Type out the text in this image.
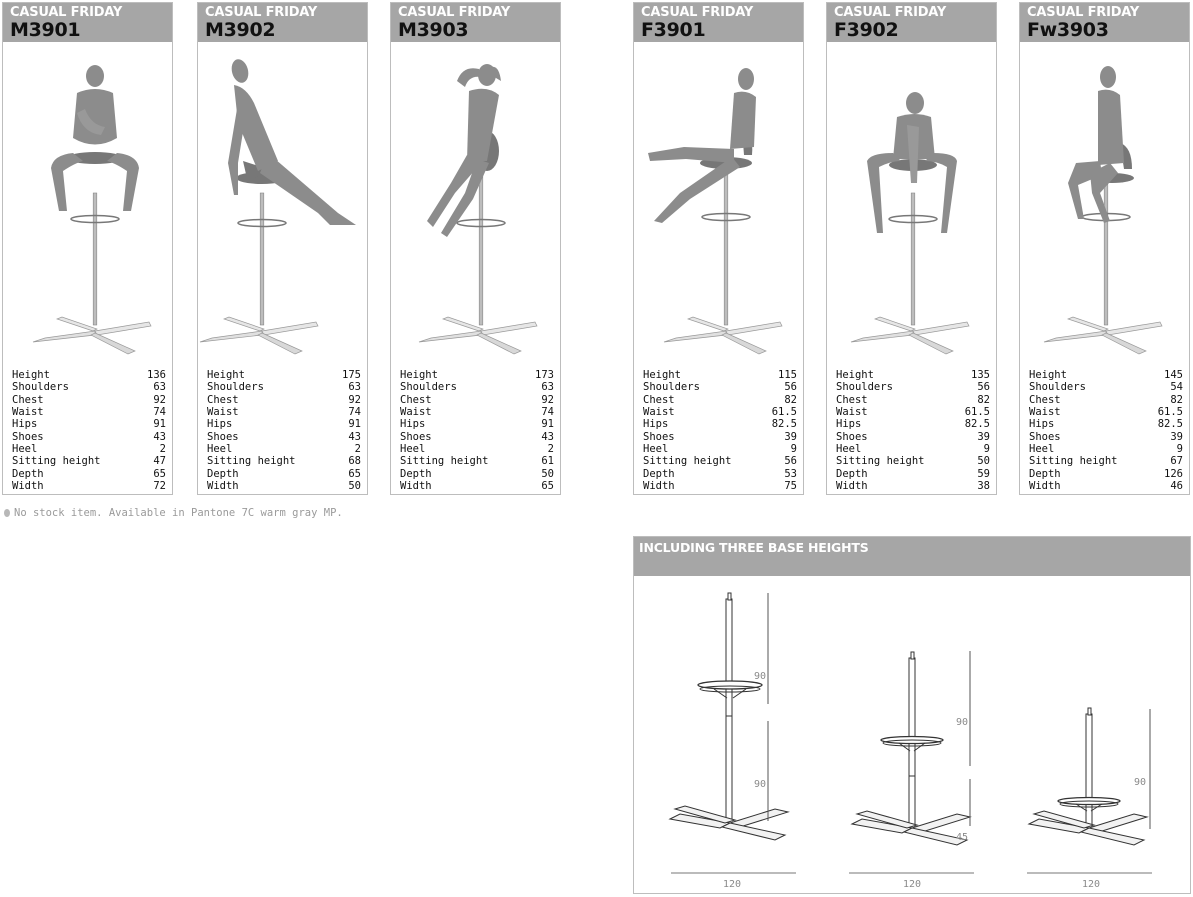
CASUAL FRIDAY
M3901
Height	136
Shoulders	63
Chest	92
Waist	74
Hips	91
Shoes	43
Heel	2
Sitting height	47
Depth	65
Width	72
CASUAL FRIDAY
M3902
Height	175
Shoulders	63
Chest	92
Waist	74
Hips	91
Shoes	43
Heel	2
Sitting height	68
Depth	65
Width	50
CASUAL FRIDAY
M3903
Height	173
Shoulders	63
Chest	92
Waist	74
Hips	91
Shoes	43
Heel	2
Sitting height	61
Depth	50
Width	65
CASUAL FRIDAY
F3901
Height	115
Shoulders	56
Chest	82
Waist	61.5
Hips	82.5
Shoes	39
Heel	9
Sitting height	56
Depth	53
Width	75
CASUAL FRIDAY
F3902
Height	135
Shoulders	56
Chest	82
Waist	61.5
Hips	82.5
Shoes	39
Heel	9
Sitting height	50
Depth	59
Width	38
CASUAL FRIDAY
Fw3903
Height	145
Shoulders	54
Chest	82
Waist	61.5
Hips	82.5
Shoes	39
Heel	9
Sitting height	67
Depth	126
Width	46
No stock item. Available in Pantone 7C warm gray MP.
INCLUDING THREE BASE HEIGHTS
90
90
120
90
45
120
90
120
